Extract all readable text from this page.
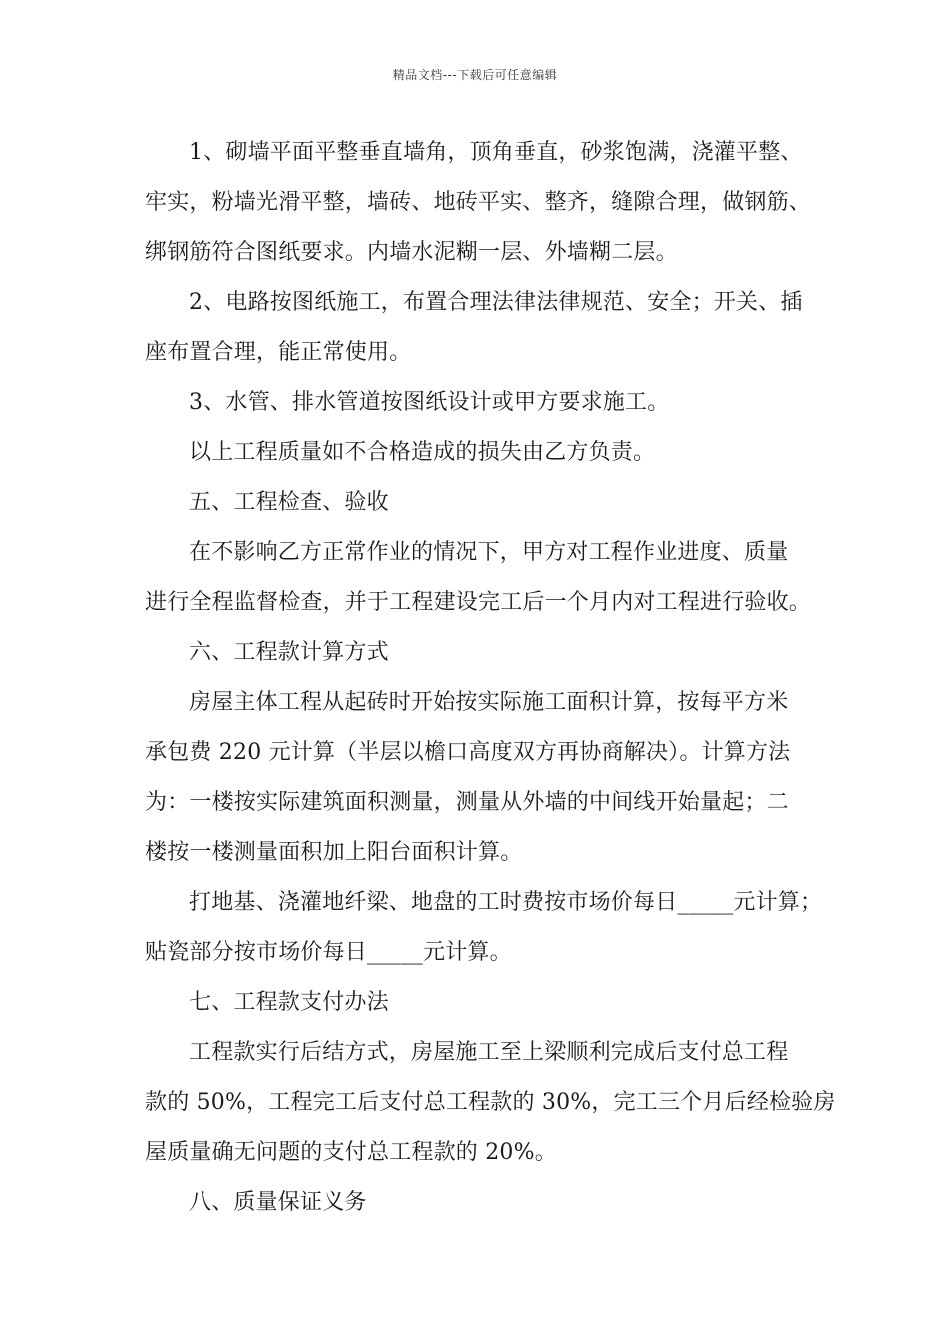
精品文档---下载后可任意编辑
1、砌墙平面平整垂直墙角，顶角垂直，砂浆饱满，浇灌平整、
牢实，粉墙光滑平整，墙砖、地砖平实、整齐，缝隙合理，做钢筋、
绑钢筋符合图纸要求。内墙水泥糊一层、外墙糊二层。
2、电路按图纸施工，布置合理法律法律规范、安全；开关、插
座布置合理，能正常使用。
3、水管、排水管道按图纸设计或甲方要求施工。
以上工程质量如不合格造成的损失由乙方负责。
五、工程检查、验收
在不影响乙方正常作业的情况下，甲方对工程作业进度、质量
进行全程监督检查，并于工程建设完工后一个月内对工程进行验收。
六、工程款计算方式
房屋主体工程从起砖时开始按实际施工面积计算，按每平方米
承包费 220 元计算（半层以檐口高度双方再协商解决）。计算方法
为：一楼按实际建筑面积测量，测量从外墙的中间线开始量起；二
楼按一楼测量面积加上阳台面积计算。
打地基、浇灌地纤梁、地盘的工时费按市场价每日_____元计算；
贴瓷部分按市场价每日_____元计算。
七、工程款支付办法
工程款实行后结方式，房屋施工至上梁顺利完成后支付总工程
款的 50%，工程完工后支付总工程款的 30%，完工三个月后经检验房
屋质量确无问题的支付总工程款的 20%。
八、质量保证义务
